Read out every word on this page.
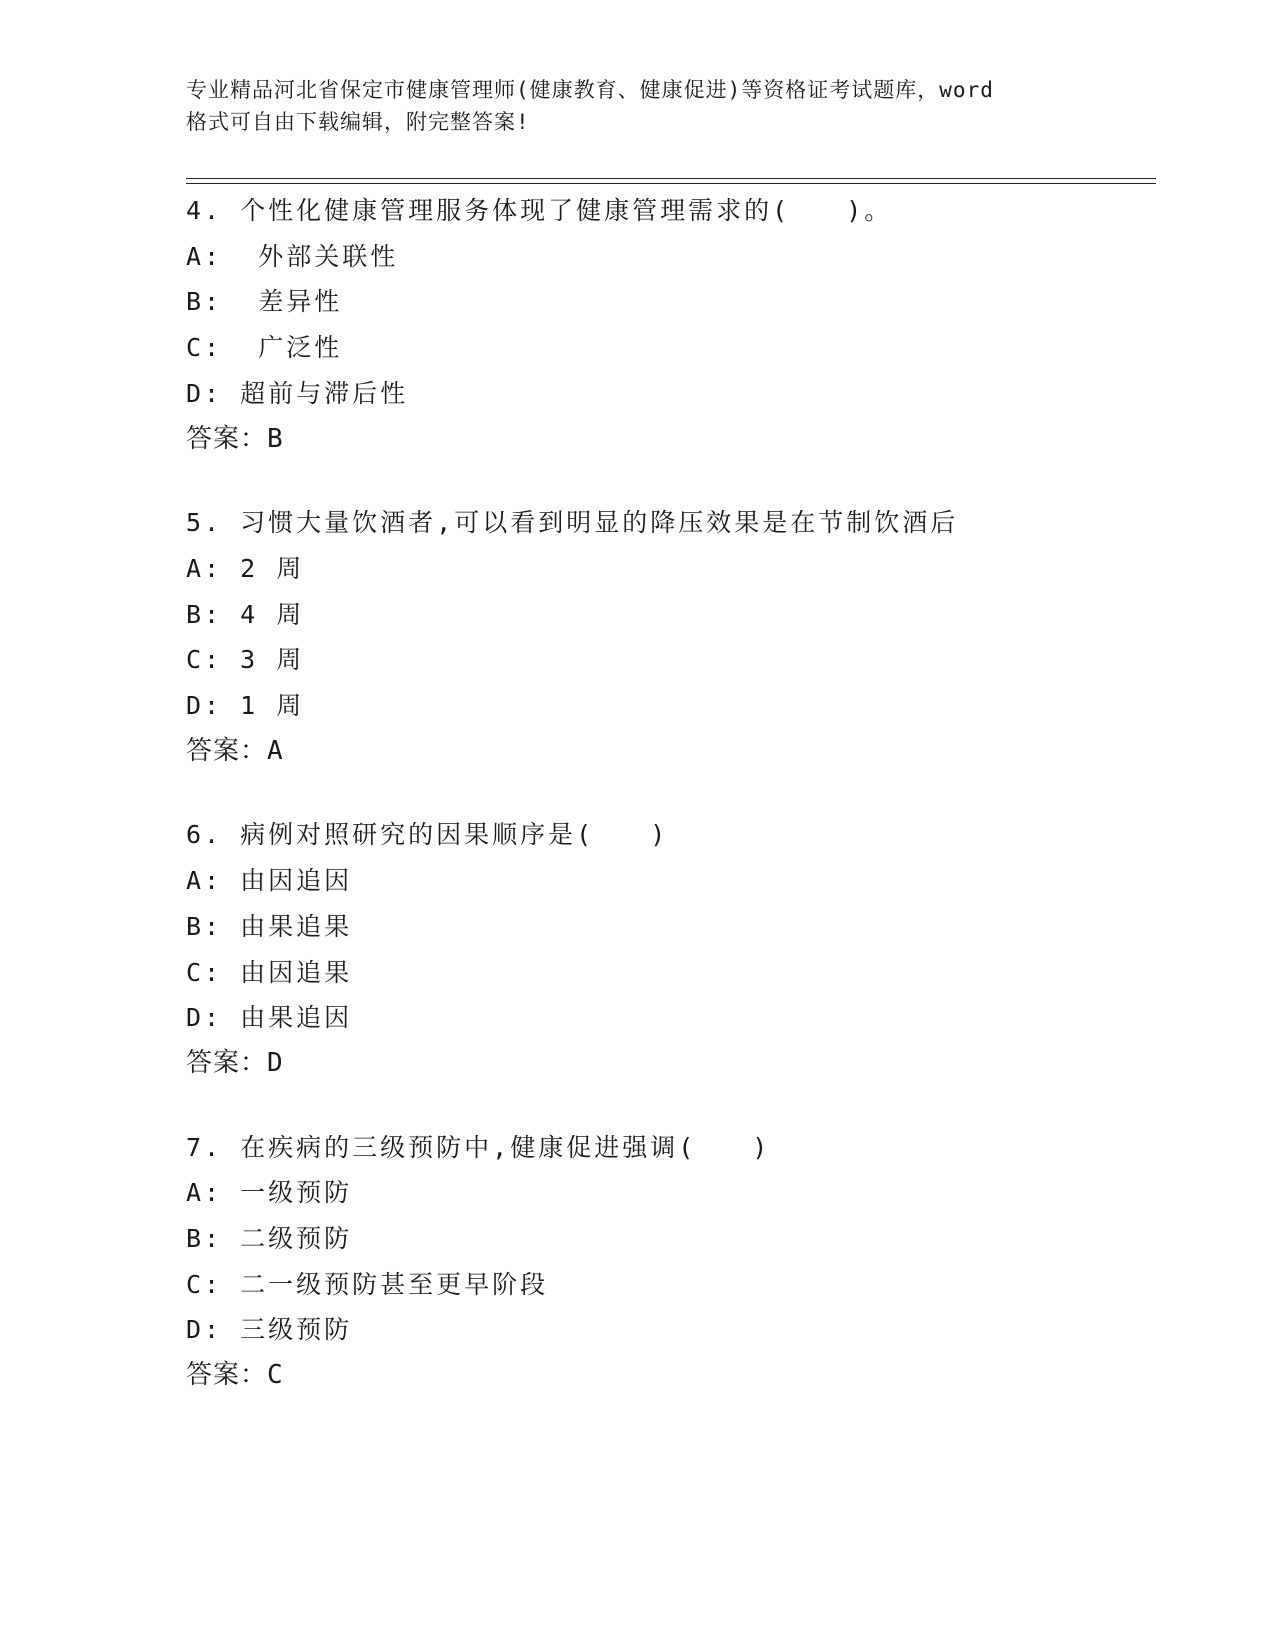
专业精品河北省保定市健康管理师(健康教育、健康促进)等资格证考试题库，word
格式可自由下载编辑，附完整答案!
4. 个性化健康管理服务体现了健康管理需求的(　　)。
A:  外部关联性
B:  差异性
C:  广泛性
D: 超前与滞后性
答案：B
5. 习惯大量饮酒者,可以看到明显的降压效果是在节制饮酒后
A: 2 周
B: 4 周
C: 3 周
D: 1 周
答案：A
6. 病例对照研究的因果顺序是(　　)
A: 由因追因
B: 由果追果
C: 由因追果
D: 由果追因
答案：D
7. 在疾病的三级预防中,健康促进强调(　　)
A: 一级预防
B: 二级预防
C: 二一级预防甚至更早阶段
D: 三级预防
答案：C
